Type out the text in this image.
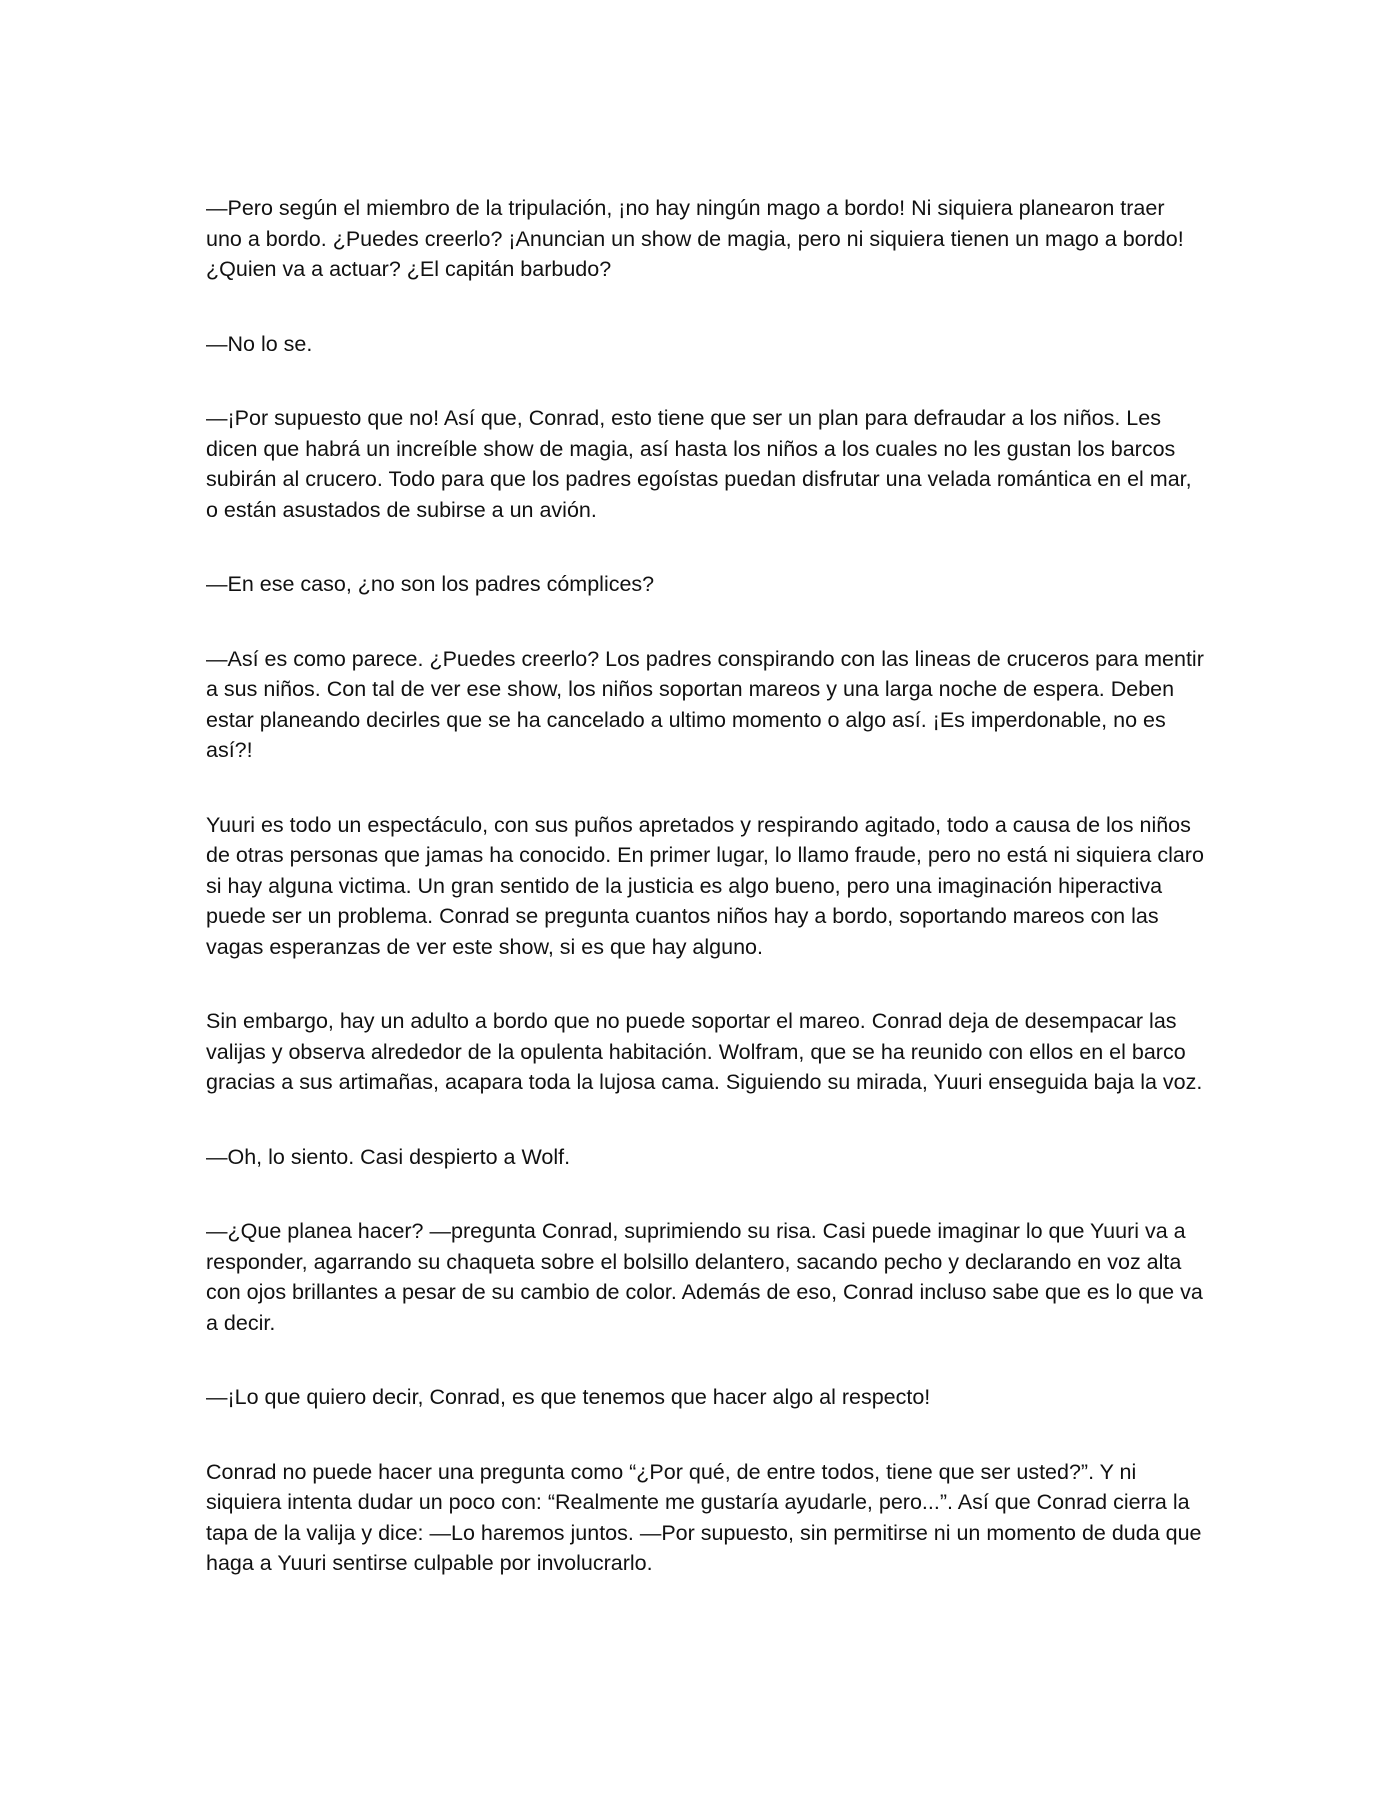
—Pero según el miembro de la tripulación, ¡no hay ningún mago a bordo! Ni siquiera planearon traer uno a bordo. ¿Puedes creerlo? ¡Anuncian un show de magia, pero ni siquiera tienen un mago a bordo! ¿Quien va a actuar? ¿El capitán barbudo?

—No lo se.

—¡Por supuesto que no! Así que, Conrad, esto tiene que ser un plan para defraudar a los niños. Les dicen que habrá un increíble show de magia, así hasta los niños a los cuales no les gustan los barcos subirán al crucero. Todo para que los padres egoístas puedan disfrutar una velada romántica en el mar, o están asustados de subirse a un avión.

—En ese caso, ¿no son los padres cómplices?

—Así es como parece. ¿Puedes creerlo? Los padres conspirando con las lineas de cruceros para mentir a sus niños. Con tal de ver ese show, los niños soportan mareos y una larga noche de espera. Deben estar planeando decirles que se ha cancelado a ultimo momento o algo así. ¡Es imperdonable, no es así?!

Yuuri es todo un espectáculo, con sus puños apretados y respirando agitado, todo a causa de los niños de otras personas que jamas ha conocido. En primer lugar, lo llamo fraude, pero no está ni siquiera claro si hay alguna victima. Un gran sentido de la justicia es algo bueno, pero una imaginación hiperactiva puede ser un problema. Conrad se pregunta cuantos niños hay a bordo, soportando mareos con las vagas esperanzas de ver este show, si es que hay alguno.

Sin embargo, hay un adulto a bordo que no puede soportar el mareo. Conrad deja de desempacar las valijas y observa alrededor de la opulenta habitación. Wolfram, que se ha reunido con ellos en el barco gracias a sus artimañas, acapara toda la lujosa cama. Siguiendo su mirada, Yuuri enseguida baja la voz.

—Oh, lo siento. Casi despierto a Wolf.

—¿Que planea hacer? —pregunta Conrad, suprimiendo su risa. Casi puede imaginar lo que Yuuri va a responder, agarrando su chaqueta sobre el bolsillo delantero, sacando pecho y declarando en voz alta con ojos brillantes a pesar de su cambio de color. Además de eso, Conrad incluso sabe que es lo que va a decir.

—¡Lo que quiero decir, Conrad, es que tenemos que hacer algo al respecto!

Conrad no puede hacer una pregunta como “¿Por qué, de entre todos, tiene que ser usted?”. Y ni siquiera intenta dudar un poco con: “Realmente me gustaría ayudarle, pero...”. Así que Conrad cierra la tapa de la valija y dice: —Lo haremos juntos. —Por supuesto, sin permitirse ni un momento de duda que haga a Yuuri sentirse culpable por involucrarlo.
